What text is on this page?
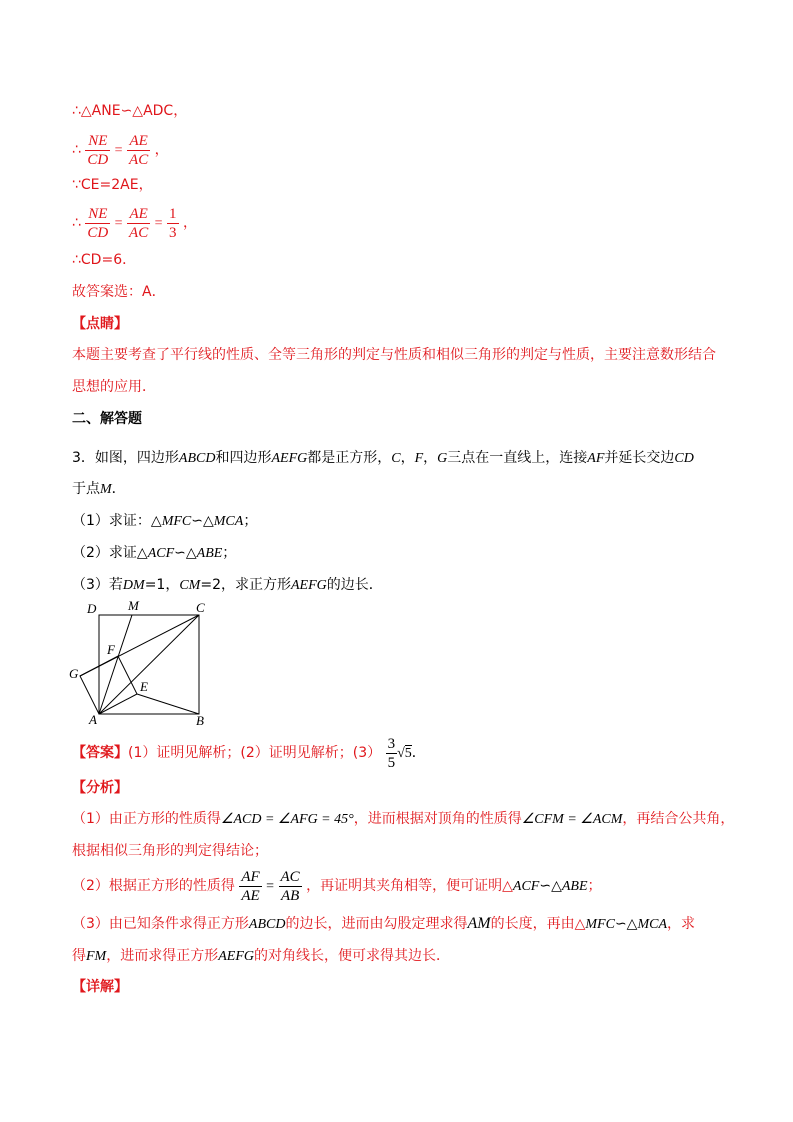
∴△ANE∽△ADC，
∴ $\frac{NE}{CD} = \frac{AE}{AC}$ ，
∵CE=2AE，
∴ $\frac{NE}{CD} = \frac{AE}{AC} = \frac{1}{3}$ ，
∴CD=6．
故答案选：A．
【点睛】
本题主要考查了平行线的性质、全等三角形的判定与性质和相似三角形的判定与性质，主要注意数形结合
思想的应用．
二、解答题
3．如图，四边形ABCD和四边形AEFG都是正方形，C，F，G三点在一直线上，连接AF并延长交边CD
于点M．
（1）求证：△MFC∽△MCA；
（2）求证△ACF∽△ABE；
（3）若DM=1，CM=2，求正方形AEFG的边长．
D M	C
F
G
E
A	B
【答案】(1）证明见解析；(2）证明见解析；$(3) \frac{3}{5} √5$．
【分析】
（1）由正方形的性质得∠ACD = ∠AFG = 45°，进而根据对顶角的性质得∠CFM = ∠ACM，再结合公共角，
根据相似三角形的判定得结论；
（2）根据正方形的性质得 $\frac{AF}{AE} = \frac{AC}{AB}$ ，再证明其夹角相等，便可证明△ACF∽△ABE；
（3）由已知条件求得正方形ABCD的边长，进而由勾股定理求得AM的长度，再由△MFC∽△MCA，求
得FM，进而求得正方形AEFG的对角线长，便可求得其边长．
【详解】
